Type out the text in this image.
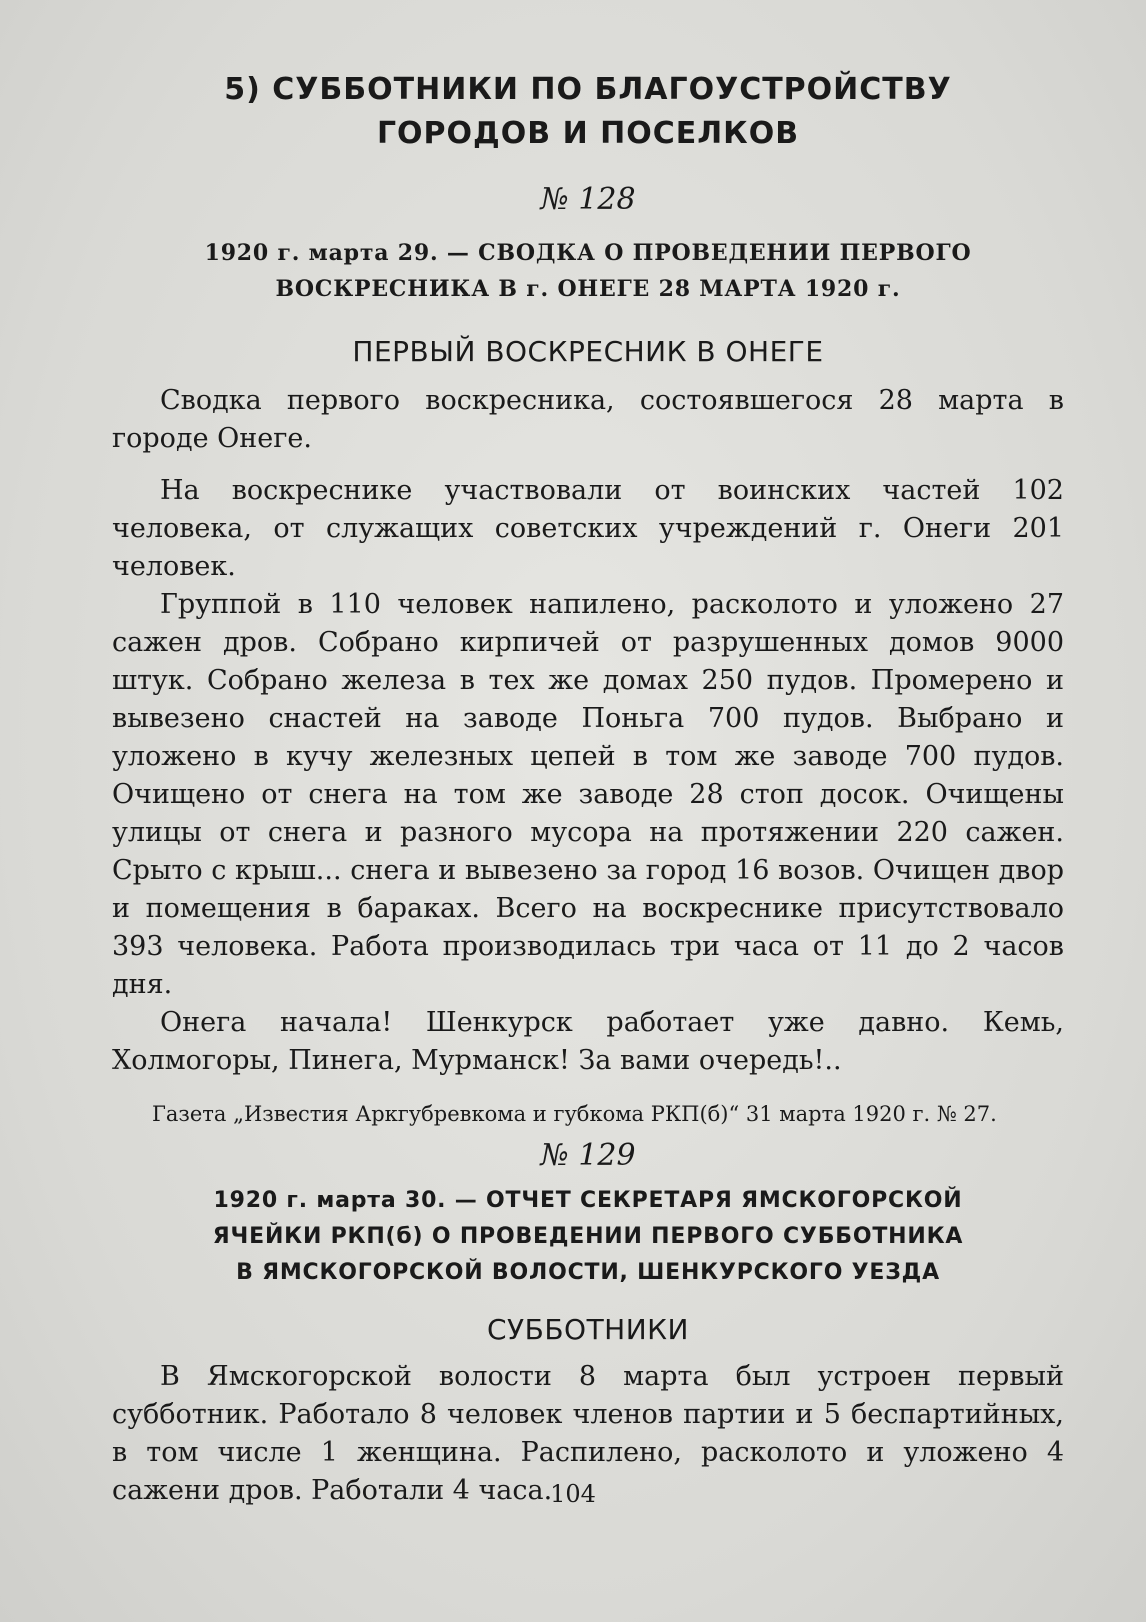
5) СУББОТНИКИ ПО БЛАГОУСТРОЙСТВУ
ГОРОДОВ И ПОСЕЛКОВ
№ 128

1920 г. марта 29. — СВОДКА О ПРОВЕДЕНИИ ПЕРВОГО

ВОСКРЕСНИКА В г. ОНЕГЕ 28 МАРТА 1920 г.

ПЕРВЫЙ ВОСКРЕСНИК В ОНЕГЕ

Сводка первого воскресника, состоявшегося 28 марта в городе Онеге.

На воскреснике участвовали от воинских частей 102 человека, от служащих советских учреждений г. Онеги 201 человек.

Группой в 110 человек напилено, расколото и уложено 27 сажен дров. Собрано кирпичей от разрушенных домов 9000 штук. Собрано железа в тех же домах 250 пудов. Промерено и вывезено снастей на заводе Поньга 700 пудов. Выбрано и уложено в кучу железных цепей в том же заводе 700 пудов. Очищено от снега на том же заводе 28 стоп досок. Очищены улицы от снега и разного мусора на протяжении 220 сажен. Срыто с крыш... снега и вывезено за город 16 возов. Очищен двор и помещения в бараках. Всего на воскреснике присутствовало 393 человека. Работа производилась три часа от 11 до 2 часов дня.

Онега начала! Шенкурск работает уже давно. Кемь, Холмогоры, Пинега, Мурманск! За вами очередь!..

Газета „Известия Аркгубревкома и губкома РКП(б)“ 31 марта 1920 г. № 27.

№ 129

1920 г. марта 30. — ОТЧЕТ СЕКРЕТАРЯ ЯМСКОГОРСКОЙ

ЯЧЕЙКИ РКП(б) О ПРОВЕДЕНИИ ПЕРВОГО СУББОТНИКА

В ЯМСКОГОРСКОЙ ВОЛОСТИ, ШЕНКУРСКОГО УЕЗДА

СУББОТНИКИ

В Ямскогорской волости 8 марта был устроен первый субботник. Работало 8 человек членов партии и 5 беспартийных, в том числе 1 женщина. Распилено, расколото и уложено 4 сажени дров. Работали 4 часа.

104
